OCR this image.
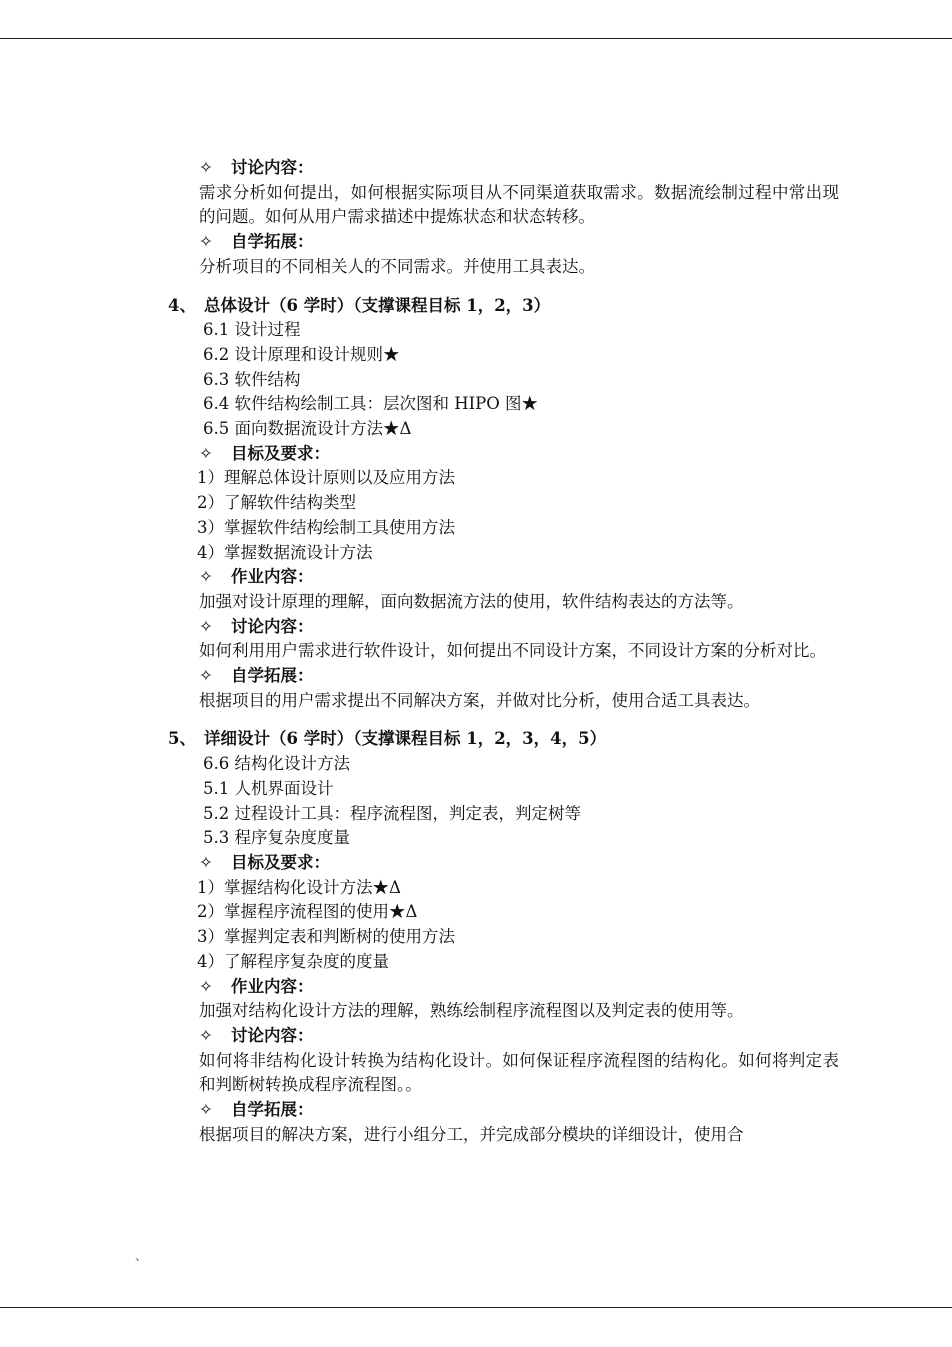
✧ 讨论内容：
需求分析如何提出，如何根据实际项目从不同渠道获取需求。数据流绘制过程中常出现的问题。如何从用户需求描述中提炼状态和状态转移。
✧ 自学拓展：
分析项目的不同相关人的不同需求。并使用工具表达。
4、 总体设计（6 学时）（支撑课程目标 1，2，3）
6.1 设计过程
6.2 设计原理和设计规则★
6.3 软件结构
6.4 软件结构绘制工具：层次图和 HIPO 图★
6.5 面向数据流设计方法★Δ
✧ 目标及要求：
1）理解总体设计原则以及应用方法
2）了解软件结构类型
3）掌握软件结构绘制工具使用方法
4）掌握数据流设计方法
✧ 作业内容：
加强对设计原理的理解，面向数据流方法的使用，软件结构表达的方法等。
✧ 讨论内容：
如何利用用户需求进行软件设计，如何提出不同设计方案，不同设计方案的分析对比。
✧ 自学拓展：
根据项目的用户需求提出不同解决方案，并做对比分析，使用合适工具表达。
5、 详细设计（6 学时）（支撑课程目标 1，2，3，4，5）
6.6 结构化设计方法
5.1 人机界面设计
5.2 过程设计工具：程序流程图，判定表，判定树等
5.3 程序复杂度度量
✧ 目标及要求：
1）掌握结构化设计方法★Δ
2）掌握程序流程图的使用★Δ
3）掌握判定表和判断树的使用方法
4）了解程序复杂度的度量
✧ 作业内容：
加强对结构化设计方法的理解，熟练绘制程序流程图以及判定表的使用等。
✧ 讨论内容：
如何将非结构化设计转换为结构化设计。如何保证程序流程图的结构化。如何将判定表和判断树转换成程序流程图。。
✧ 自学拓展：
根据项目的解决方案，进行小组分工，并完成部分模块的详细设计，使用合
、
